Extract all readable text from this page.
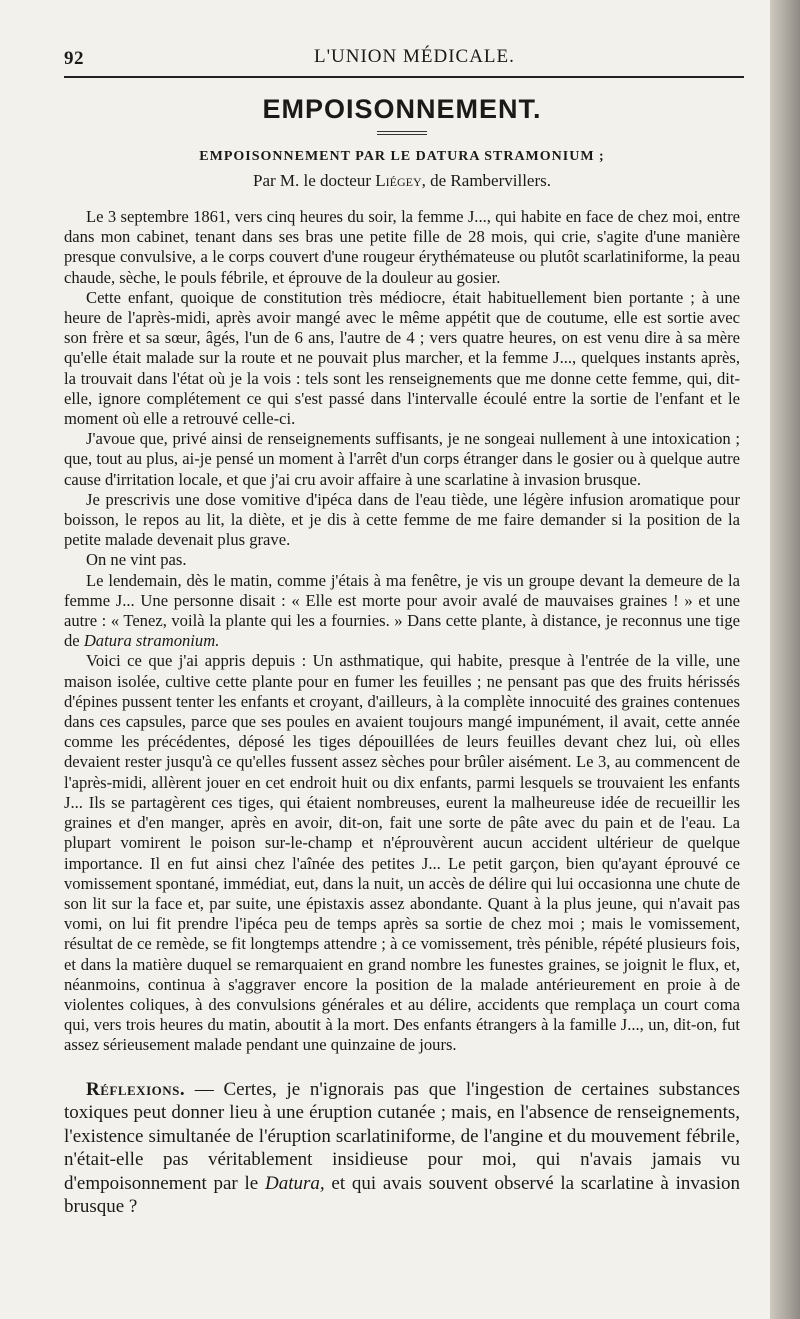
92	L'UNION MÉDICALE.
EMPOISONNEMENT.
EMPOISONNEMENT PAR LE DATURA STRAMONIUM ;
Par M. le docteur Liégey, de Rambervillers.

Le 3 septembre 1861, vers cinq heures du soir, la femme J..., qui habite en face de chez moi, entre dans mon cabinet, tenant dans ses bras une petite fille de 28 mois, qui crie, s'agite d'une manière presque convulsive, a le corps couvert d'une rougeur érythémateuse ou plutôt scarlatiniforme, la peau chaude, sèche, le pouls fébrile, et éprouve de la douleur au gosier.

Cette enfant, quoique de constitution très médiocre, était habituellement bien portante ; à une heure de l'après-midi, après avoir mangé avec le même appétit que de coutume, elle est sortie avec son frère et sa sœur, âgés, l'un de 6 ans, l'autre de 4 ; vers quatre heures, on est venu dire à sa mère qu'elle était malade sur la route et ne pouvait plus marcher, et la femme J..., quelques instants après, la trouvait dans l'état où je la vois : tels sont les renseignements que me donne cette femme, qui, dit-elle, ignore complétement ce qui s'est passé dans l'intervalle écoulé entre la sortie de l'enfant et le moment où elle a retrouvé celle-ci.

J'avoue que, privé ainsi de renseignements suffisants, je ne songeai nullement à une intoxication ; que, tout au plus, ai-je pensé un moment à l'arrêt d'un corps étranger dans le gosier ou à quelque autre cause d'irritation locale, et que j'ai cru avoir affaire à une scarlatine à invasion brusque.

Je prescrivis une dose vomitive d'ipéca dans de l'eau tiède, une légère infusion aromatique pour boisson, le repos au lit, la diète, et je dis à cette femme de me faire demander si la position de la petite malade devenait plus grave.

On ne vint pas.

Le lendemain, dès le matin, comme j'étais à ma fenêtre, je vis un groupe devant la demeure de la femme J... Une personne disait : « Elle est morte pour avoir avalé de mauvaises graines ! » et une autre : « Tenez, voilà la plante qui les a fournies. » Dans cette plante, à distance, je reconnus une tige de Datura stramonium.

Voici ce que j'ai appris depuis : Un asthmatique, qui habite, presque à l'entrée de la ville, une maison isolée, cultive cette plante pour en fumer les feuilles ; ne pensant pas que des fruits hérissés d'épines pussent tenter les enfants et croyant, d'ailleurs, à la complète innocuité des graines contenues dans ces capsules, parce que ses poules en avaient toujours mangé impunément, il avait, cette année comme les précédentes, déposé les tiges dépouillées de leurs feuilles devant chez lui, où elles devaient rester jusqu'à ce qu'elles fussent assez sèches pour brûler aisément. Le 3, au commencent de l'après-midi, allèrent jouer en cet endroit huit ou dix enfants, parmi lesquels se trouvaient les enfants J... Ils se partagèrent ces tiges, qui étaient nombreuses, eurent la malheureuse idée de recueillir les graines et d'en manger, après en avoir, dit-on, fait une sorte de pâte avec du pain et de l'eau. La plupart vomirent le poison sur-le-champ et n'éprouvèrent aucun accident ultérieur de quelque importance. Il en fut ainsi chez l'aînée des petites J... Le petit garçon, bien qu'ayant éprouvé ce vomissement spontané, immédiat, eut, dans la nuit, un accès de délire qui lui occasionna une chute de son lit sur la face et, par suite, une épistaxis assez abondante. Quant à la plus jeune, qui n'avait pas vomi, on lui fit prendre l'ipéca peu de temps après sa sortie de chez moi ; mais le vomissement, résultat de ce remède, se fit longtemps attendre ; à ce vomissement, très pénible, répété plusieurs fois, et dans la matière duquel se remarquaient en grand nombre les funestes graines, se joignit le flux, et, néanmoins, continua à s'aggraver encore la position de la malade antérieurement en proie à de violentes coliques, à des convulsions générales et au délire, accidents que remplaça un court coma qui, vers trois heures du matin, aboutit à la mort. Des enfants étrangers à la famille J..., un, dit-on, fut assez sérieusement malade pendant une quinzaine de jours.

Réflexions. — Certes, je n'ignorais pas que l'ingestion de certaines substances toxiques peut donner lieu à une éruption cutanée ; mais, en l'absence de renseignements, l'existence simultanée de l'éruption scarlatiniforme, de l'angine et du mouvement fébrile, n'était-elle pas véritablement insidieuse pour moi, qui n'avais jamais vu d'empoisonnement par le Datura, et qui avais souvent observé la scarlatine à invasion brusque ?
